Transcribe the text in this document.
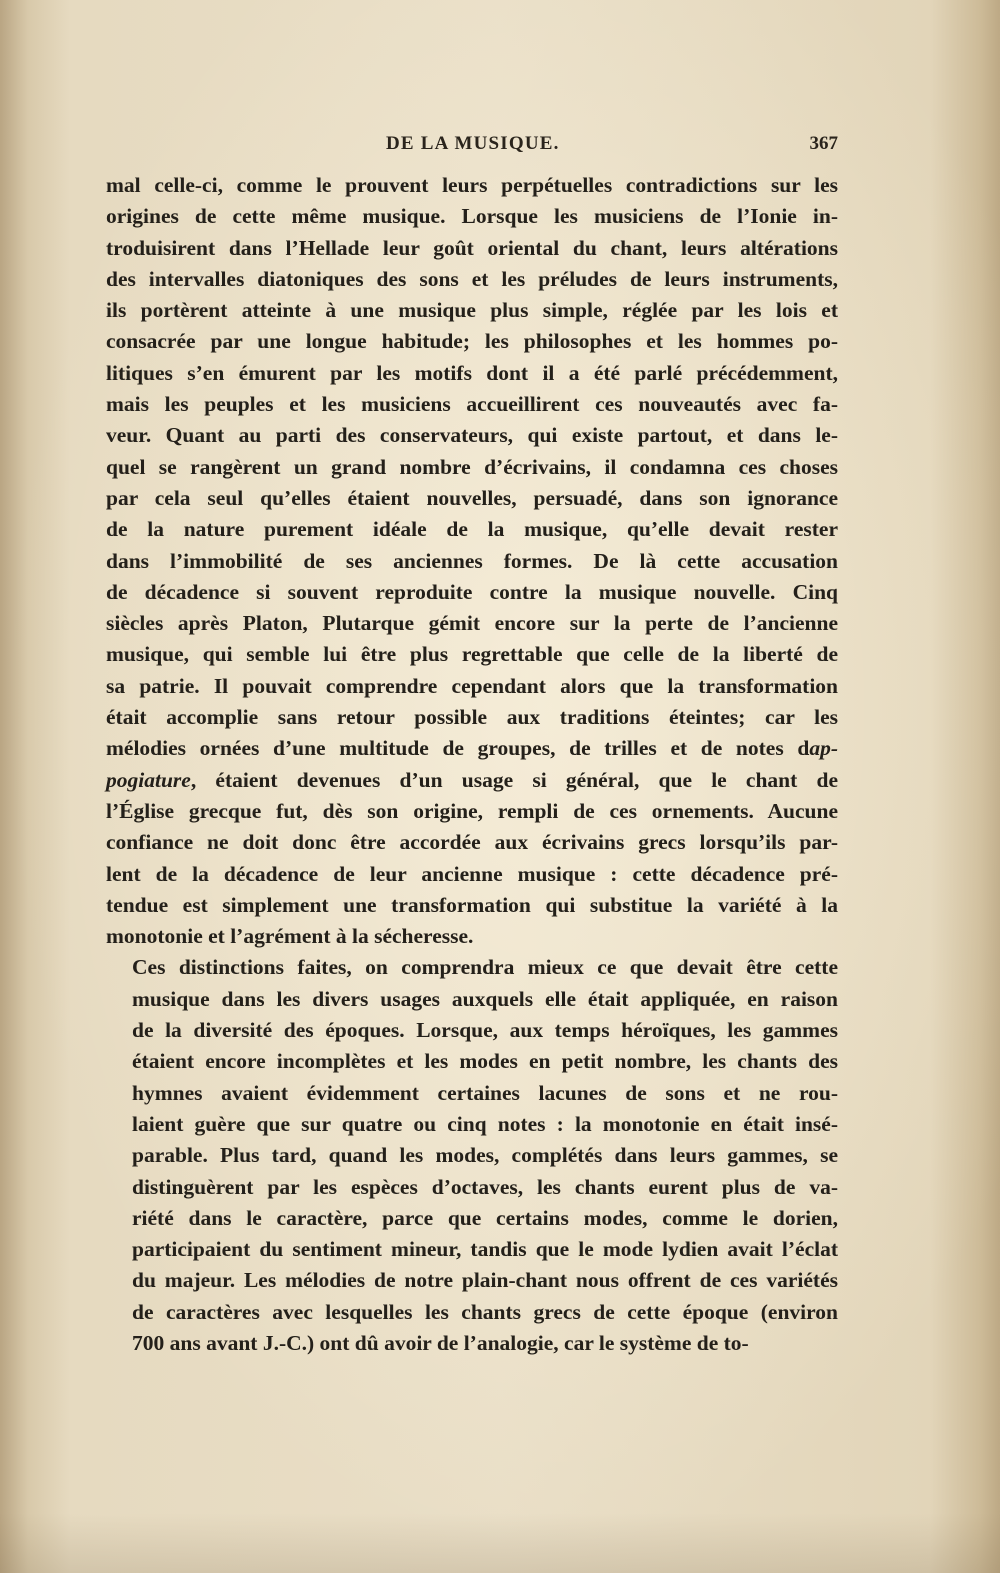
DE LA MUSIQUE.	367

mal celle-ci, comme le prouvent leurs perpétuelles contradictions sur les
origines de cette même musique. Lorsque les musiciens de l’Ionie in-
troduisirent dans l’Hellade leur goût oriental du chant, leurs altérations
des intervalles diatoniques des sons et les préludes de leurs instruments,
ils portèrent atteinte à une musique plus simple, réglée par les lois et
consacrée par une longue habitude; les philosophes et les hommes po-
litiques s’en émurent par les motifs dont il a été parlé précédemment,
mais les peuples et les musiciens accueillirent ces nouveautés avec fa-
veur. Quant au parti des conservateurs, qui existe partout, et dans le-
quel se rangèrent un grand nombre d’écrivains, il condamna ces choses
par cela seul qu’elles étaient nouvelles, persuadé, dans son ignorance
de la nature purement idéale de la musique, qu’elle devait rester
dans l’immobilité de ses anciennes formes. De là cette accusation
de décadence si souvent reproduite contre la musique nouvelle. Cinq
siècles après Platon, Plutarque gémit encore sur la perte de l’ancienne
musique, qui semble lui être plus regrettable que celle de la liberté de
sa patrie. Il pouvait comprendre cependant alors que la transformation
était accomplie sans retour possible aux traditions éteintes; car les
mélodies ornées d’une multitude de groupes, de trilles et de notes dap-
pogiature, étaient devenues d’un usage si général, que le chant de
l’Église grecque fut, dès son origine, rempli de ces ornements. Aucune
confiance ne doit donc être accordée aux écrivains grecs lorsqu’ils par-
lent de la décadence de leur ancienne musique : cette décadence pré-
tendue est simplement une transformation qui substitue la variété à la
monotonie et l’agrément à la sécheresse.

Ces distinctions faites, on comprendra mieux ce que devait être cette
musique dans les divers usages auxquels elle était appliquée, en raison
de la diversité des époques. Lorsque, aux temps héroïques, les gammes
étaient encore incomplètes et les modes en petit nombre, les chants des
hymnes avaient évidemment certaines lacunes de sons et ne rou-
laient guère que sur quatre ou cinq notes : la monotonie en était insé-
parable. Plus tard, quand les modes, complétés dans leurs gammes, se
distinguèrent par les espèces d’octaves, les chants eurent plus de va-
riété dans le caractère, parce que certains modes, comme le dorien,
participaient du sentiment mineur, tandis que le mode lydien avait l’éclat
du majeur. Les mélodies de notre plain-chant nous offrent de ces variétés
de caractères avec lesquelles les chants grecs de cette époque (environ
700 ans avant J.-C.) ont dû avoir de l’analogie, car le système de to-
